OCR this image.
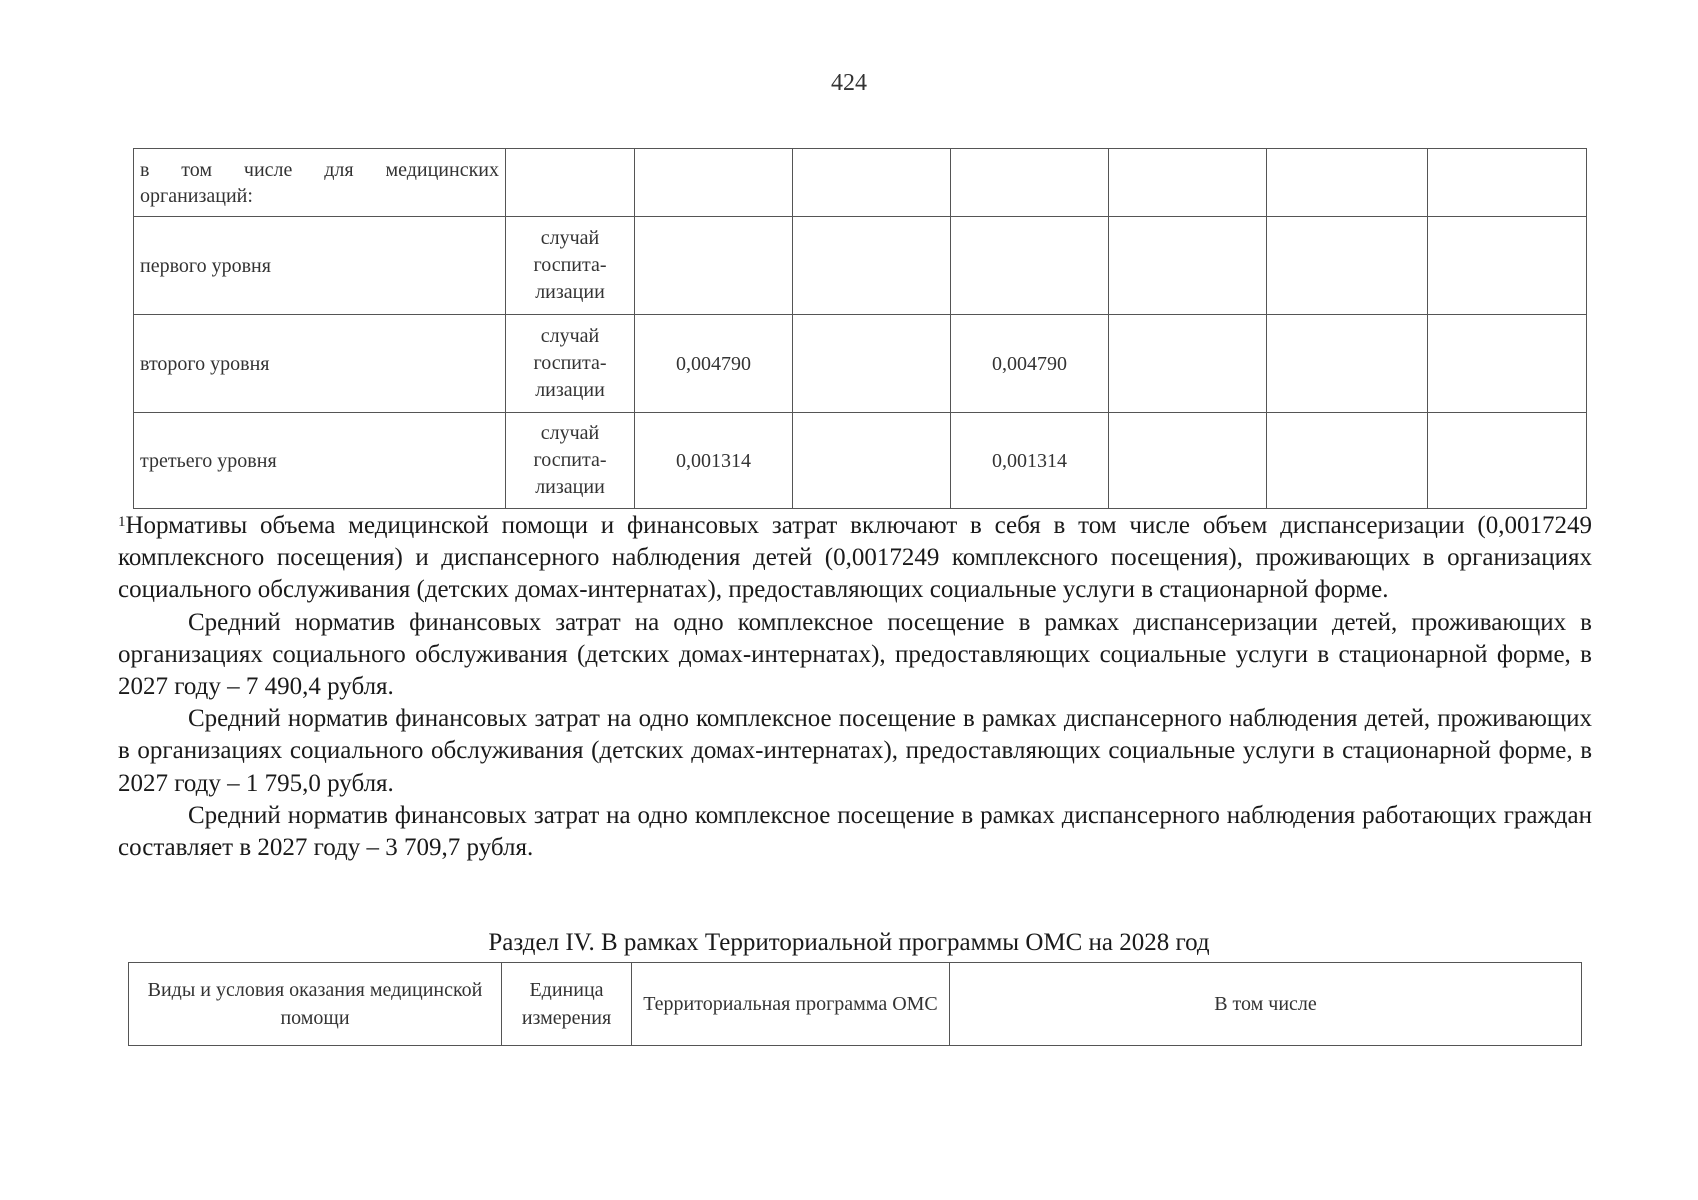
424
в том числе для медицинских организаций:							
первого уровня	случай
госпита-
лизации						

второго уровня	случай
госпита-
лизации	0,004790		0,004790			
третьего уровня	случай
госпита-
лизации	0,001314		0,001314			

$^1$Нормативы объема медицинской помощи и финансовых затрат включают в себя в том числе объем диспансеризации (0,0017249 комплексного посещения) и диспансерного наблюдения детей (0,0017249 комплексного посещения), проживающих в организациях социального обслуживания (детских домах-интернатах), предоставляющих социальные услуги в стационарной форме.

Средний норматив финансовых затрат на одно комплексное посещение в рамках диспансеризации детей, проживающих в организациях социального обслуживания (детских домах-интернатах), предоставляющих социальные услуги в стационарной форме, в 2027 году – 7 490,4 рубля.

Средний норматив финансовых затрат на одно комплексное посещение в рамках диспансерного наблюдения детей, проживающих в организациях социального обслуживания (детских домах-интернатах), предоставляющих социальные услуги в стационарной форме, в 2027 году – 1 795,0 рубля.

Средний норматив финансовых затрат на одно комплексное посещение в рамках диспансерного наблюдения работающих граждан составляет в 2027 году – 3 709,7 рубля.

Раздел IV. В рамках Территориальной программы ОМС на 2028 год
Виды и условия оказания медицинской помощи	Единица измерения	Территориальная программа ОМС	В том числе
